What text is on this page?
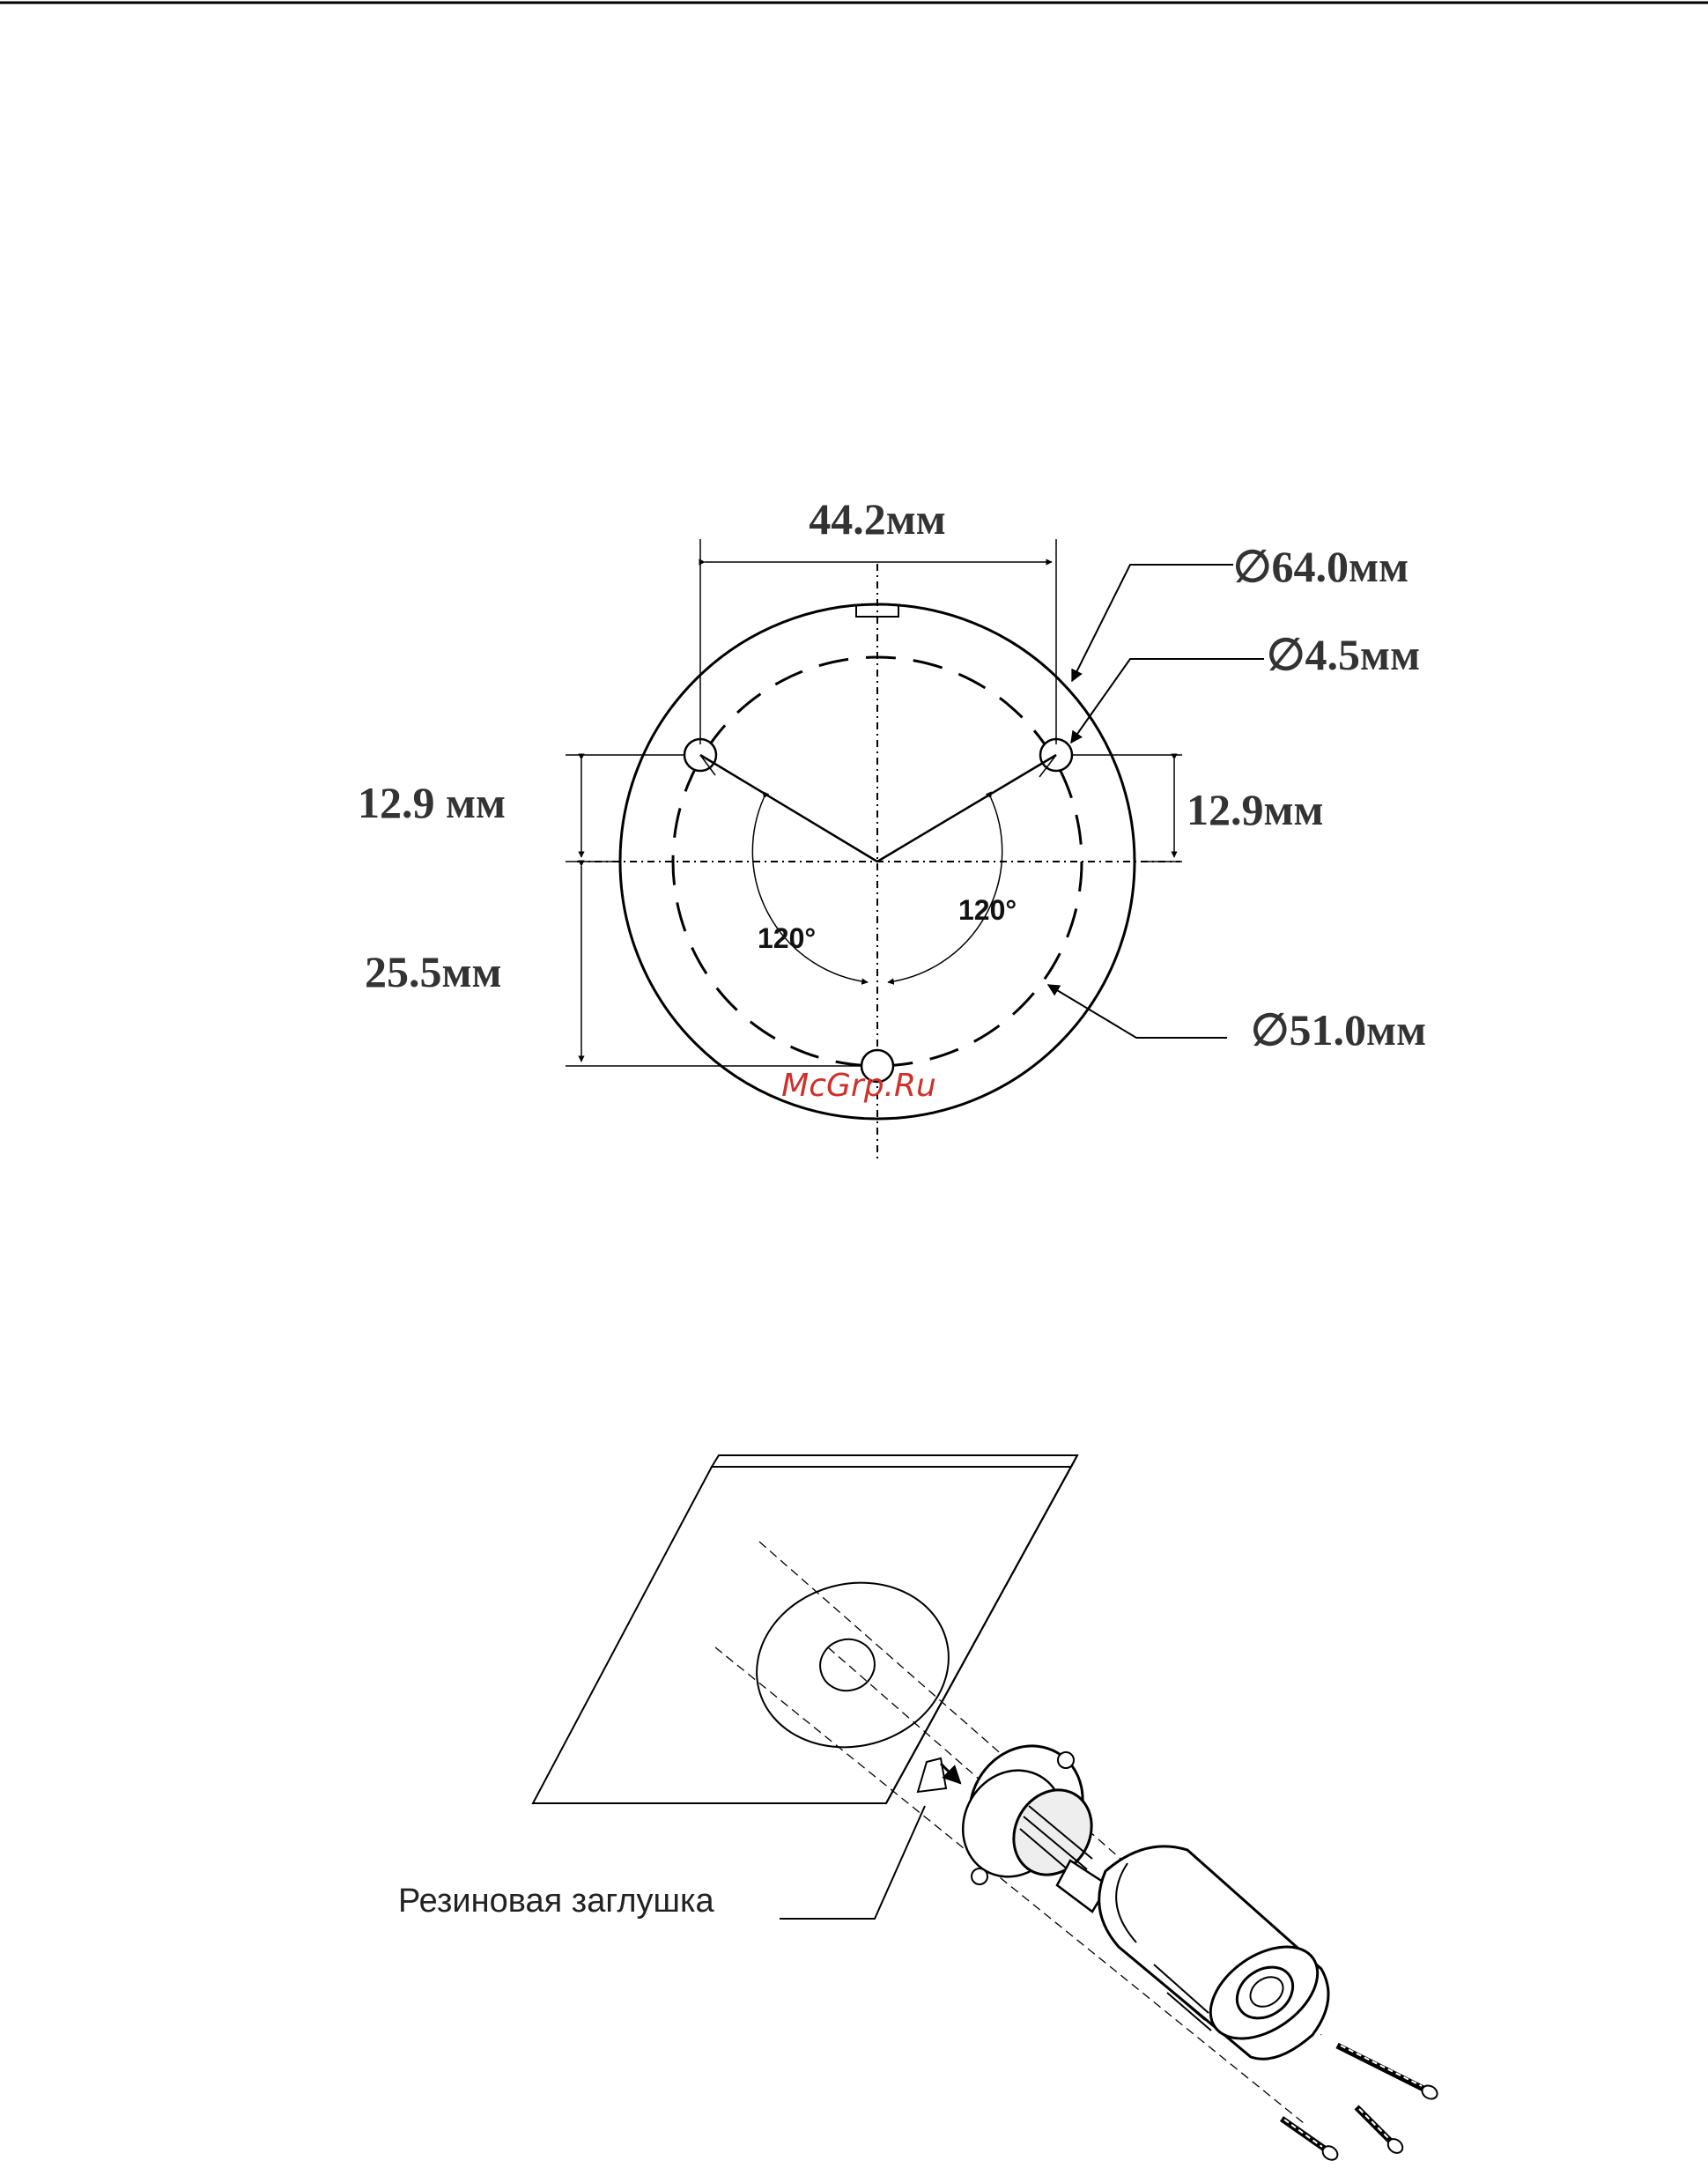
44.2мм
∅64.0мм
∅4.5мм
12.9 мм	12.9мм
25.5мм
∅51.0мм
120°
120°
McGrp.Ru
Резиновая заглушка
